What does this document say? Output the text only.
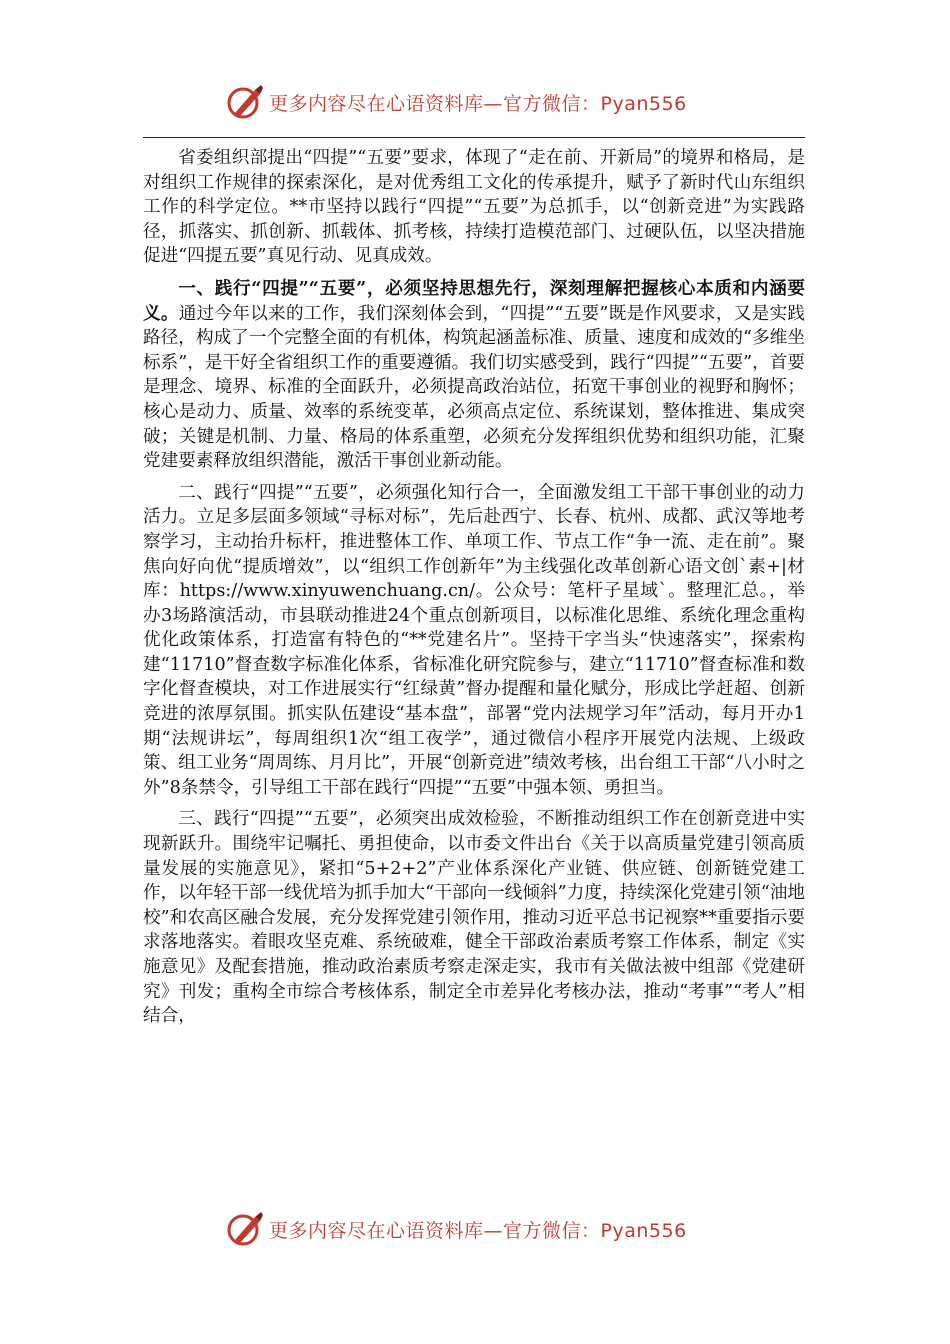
更多内容尽在心语资料库—官方微信：Pyan556

省委组织部提出“四提”“五要”要求，体现了“走在前、开新局”的境界和格局，是对组织工作规律的探索深化，是对优秀组工文化的传承提升，赋予了新时代山东组织工作的科学定位。**市坚持以践行“四提”“五要”为总抓手，以“创新竞进”为实践路径，抓落实、抓创新、抓载体、抓考核，持续打造模范部门、过硬队伍，以坚决措施促进“四提五要”真见行动、见真成效。

一、践行“四提”“五要”，必须坚持思想先行，深刻理解把握核心本质和内涵要义。通过今年以来的工作，我们深刻体会到，“四提”“五要”既是作风要求，又是实践路径，构成了一个完整全面的有机体，构筑起涵盖标准、质量、速度和成效的“多维坐标系”，是干好全省组织工作的重要遵循。我们切实感受到，践行“四提”“五要”，首要是理念、境界、标准的全面跃升，必须提高政治站位，拓宽干事创业的视野和胸怀；核心是动力、质量、效率的系统变革，必须高点定位、系统谋划，整体推进、集成突破；关键是机制、力量、格局的体系重塑，必须充分发挥组织优势和组织功能，汇聚党建要素释放组织潜能，激活干事创业新动能。

二、践行“四提”“五要”，必须强化知行合一，全面激发组工干部干事创业的动力活力。立足多层面多领域“寻标对标”，先后赴西宁、长春、杭州、成都、武汉等地考察学习，主动抬升标杆，推进整体工作、单项工作、节点工作“争一流、走在前”。聚焦向好向优“提质增效”，以“组织工作创新年”为主线强化改革创新心语文创`素+|材库：https://www.xinyuwenchuang.cn/。公众号：笔杆子星域`。整理汇总。，举办3场路演活动，市县联动推进24个重点创新项目，以标准化思维、系统化理念重构优化政策体系，打造富有特色的“**党建名片”。坚持干字当头“快速落实”，探索构建“11710”督查数字标准化体系，省标准化研究院参与，建立“11710”督查标准和数字化督查模块，对工作进展实行“红绿黄”督办提醒和量化赋分，形成比学赶超、创新竞进的浓厚氛围。抓实队伍建设“基本盘”，部署“党内法规学习年”活动，每月开办1期“法规讲坛”，每周组织1次“组工夜学”，通过微信小程序开展党内法规、上级政策、组工业务“周周练、月月比”，开展“创新竞进”绩效考核，出台组工干部“八小时之外”8条禁令，引导组工干部在践行“四提”“五要”中强本领、勇担当。

三、践行“四提”“五要”，必须突出成效检验，不断推动组织工作在创新竞进中实现新跃升。围绕牢记嘱托、勇担使命，以市委文件出台《关于以高质量党建引领高质量发展的实施意见》，紧扣“5+2+2”产业体系深化产业链、供应链、创新链党建工作，以年轻干部一线优培为抓手加大“干部向一线倾斜”力度，持续深化党建引领“油地校”和农高区融合发展，充分发挥党建引领作用，推动习近平总书记视察**重要指示要求落地落实。着眼攻坚克难、系统破难，健全干部政治素质考察工作体系，制定《实施意见》及配套措施，推动政治素质考察走深走实，我市有关做法被中组部《党建研究》刊发；重构全市综合考核体系，制定全市差异化考核办法，推动“考事”“考人”相结合，

更多内容尽在心语资料库—官方微信：Pyan556
